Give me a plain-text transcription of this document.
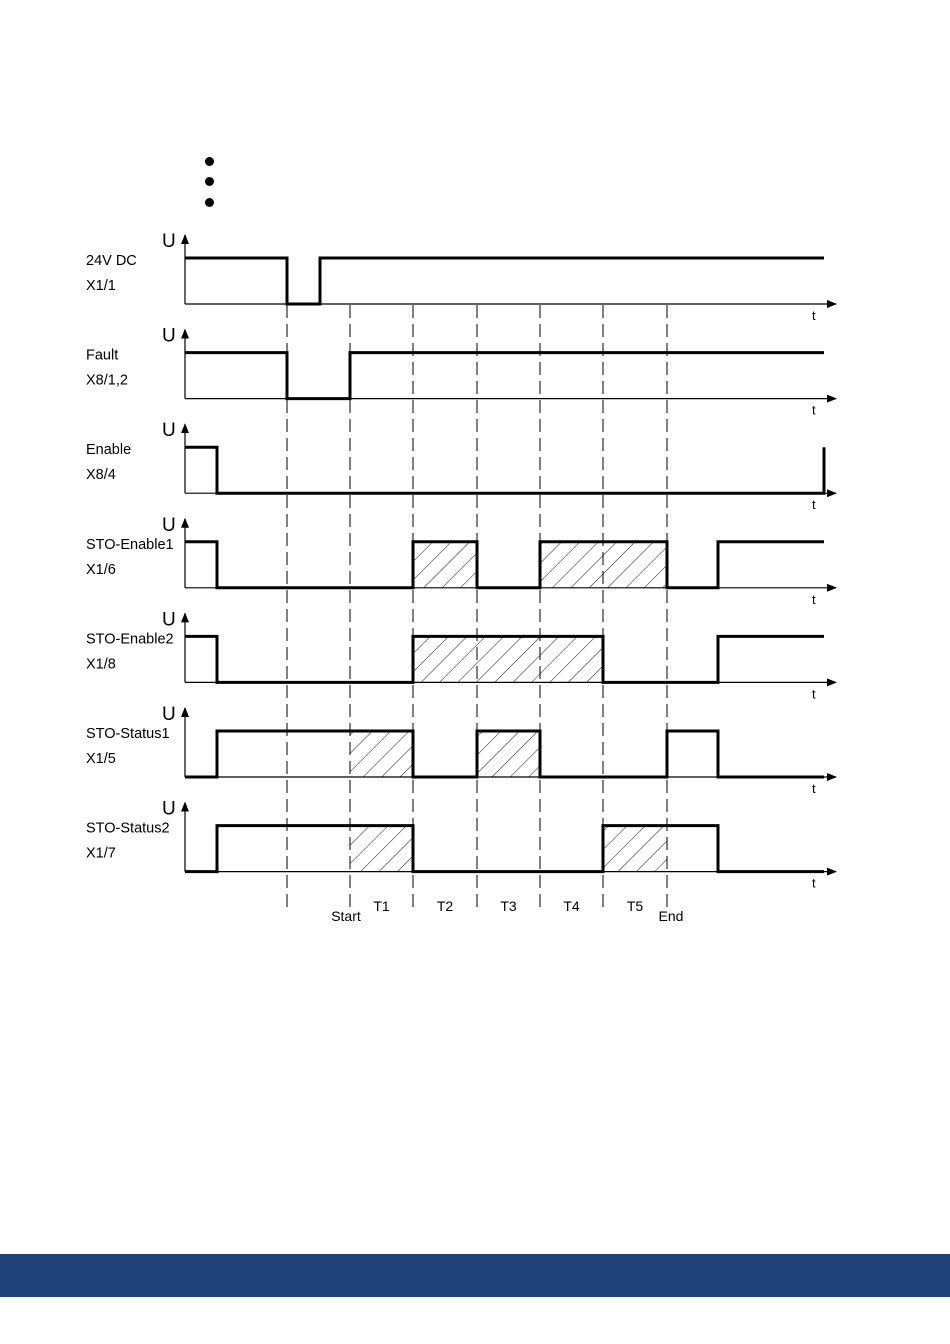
U
t
24V DC
X1/1
U
t
Fault
X8/1,2
U
t
Enable
X8/4
U
t
STO-Enable1
X1/6
U
t
STO-Enable2
X1/8
U
t
STO-Status1
X1/5
U
t
STO-Status2
X1/7
T1	T2	T3	T4	T5
Start	End
